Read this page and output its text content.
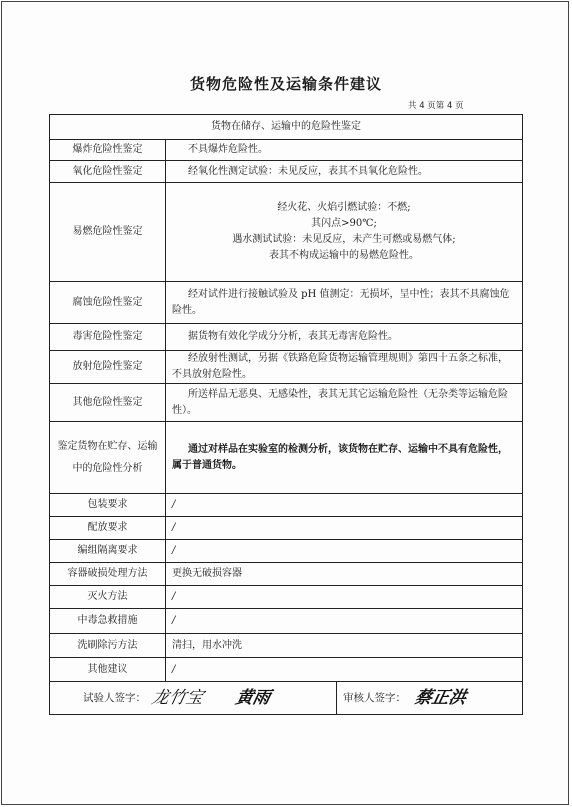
货物危险性及运输条件建议
共 4 页第 4 页
货物在储存、运输中的危险性鉴定	
爆炸危险性鉴定	不具爆炸危险性。
氧化危险性鉴定	经氧化性测定试验：未见反应，表其不具氧化危险性。
易燃危险性鉴定	经火花、火焰引燃试验：不燃;
其闪点>90℃;
遇水测试试验：未见反应，未产生可燃或易燃气体;
表其不构成运输中的易燃危险性。

腐蚀危险性鉴定	经对试件进行接触试验及 pH 值测定：无损坏，呈中性；表其不具腐蚀危险性。
毒害危险性鉴定	据货物有效化学成分分析，表其无毒害危险性。
放射危险性鉴定	经放射性测试，另据《铁路危险货物运输管理规则》第四十五条之标准，不具放射危险性。
其他危险性鉴定	所送样品无恶臭、无感染性，表其无其它运输危险性（无杂类等运输危险性）。
鉴定货物在贮存、运输中的危险性分析	通过对样品在实验室的检测分析，该货物在贮存、运输中不具有危险性，属于普通货物。
包装要求	/
配放要求	/
编组隔离要求	/
容器破损处理方法	更换无破损容器
灭火方法	/
中毒急救措施	/
洗刷除污方法	清扫，用水冲洗
其他建议	/

试验人签字： 龙竹宝 黄雨 审核人签字： 蔡正洪	
